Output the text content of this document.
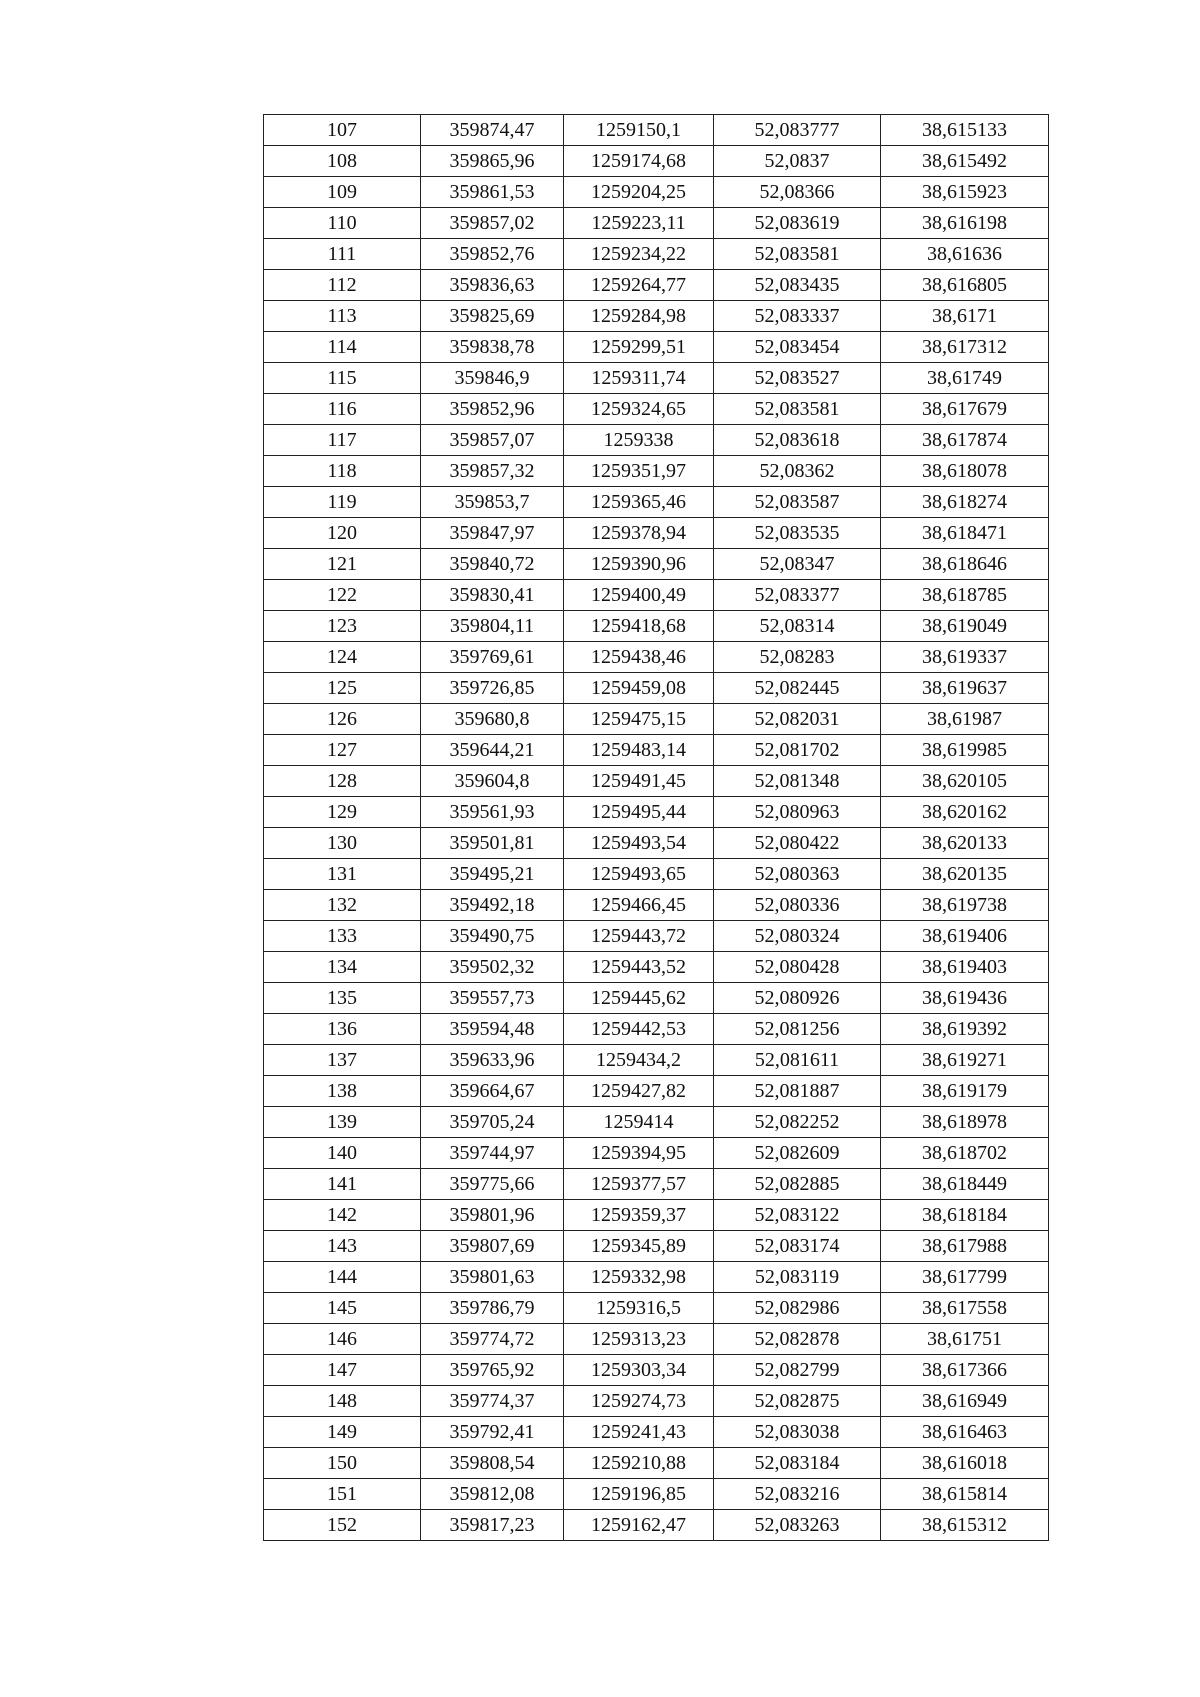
107	359874,47	1259150,1	52,083777	38,615133
108	359865,96	1259174,68	52,0837	38,615492
109	359861,53	1259204,25	52,08366	38,615923
110	359857,02	1259223,11	52,083619	38,616198
111	359852,76	1259234,22	52,083581	38,61636
112	359836,63	1259264,77	52,083435	38,616805
113	359825,69	1259284,98	52,083337	38,6171
114	359838,78	1259299,51	52,083454	38,617312
115	359846,9	1259311,74	52,083527	38,61749
116	359852,96	1259324,65	52,083581	38,617679
117	359857,07	1259338	52,083618	38,617874
118	359857,32	1259351,97	52,08362	38,618078
119	359853,7	1259365,46	52,083587	38,618274
120	359847,97	1259378,94	52,083535	38,618471
121	359840,72	1259390,96	52,08347	38,618646
122	359830,41	1259400,49	52,083377	38,618785
123	359804,11	1259418,68	52,08314	38,619049
124	359769,61	1259438,46	52,08283	38,619337
125	359726,85	1259459,08	52,082445	38,619637
126	359680,8	1259475,15	52,082031	38,61987
127	359644,21	1259483,14	52,081702	38,619985
128	359604,8	1259491,45	52,081348	38,620105
129	359561,93	1259495,44	52,080963	38,620162
130	359501,81	1259493,54	52,080422	38,620133
131	359495,21	1259493,65	52,080363	38,620135
132	359492,18	1259466,45	52,080336	38,619738
133	359490,75	1259443,72	52,080324	38,619406
134	359502,32	1259443,52	52,080428	38,619403
135	359557,73	1259445,62	52,080926	38,619436
136	359594,48	1259442,53	52,081256	38,619392
137	359633,96	1259434,2	52,081611	38,619271
138	359664,67	1259427,82	52,081887	38,619179
139	359705,24	1259414	52,082252	38,618978
140	359744,97	1259394,95	52,082609	38,618702
141	359775,66	1259377,57	52,082885	38,618449
142	359801,96	1259359,37	52,083122	38,618184
143	359807,69	1259345,89	52,083174	38,617988
144	359801,63	1259332,98	52,083119	38,617799
145	359786,79	1259316,5	52,082986	38,617558
146	359774,72	1259313,23	52,082878	38,61751
147	359765,92	1259303,34	52,082799	38,617366
148	359774,37	1259274,73	52,082875	38,616949
149	359792,41	1259241,43	52,083038	38,616463
150	359808,54	1259210,88	52,083184	38,616018
151	359812,08	1259196,85	52,083216	38,615814
152	359817,23	1259162,47	52,083263	38,615312
